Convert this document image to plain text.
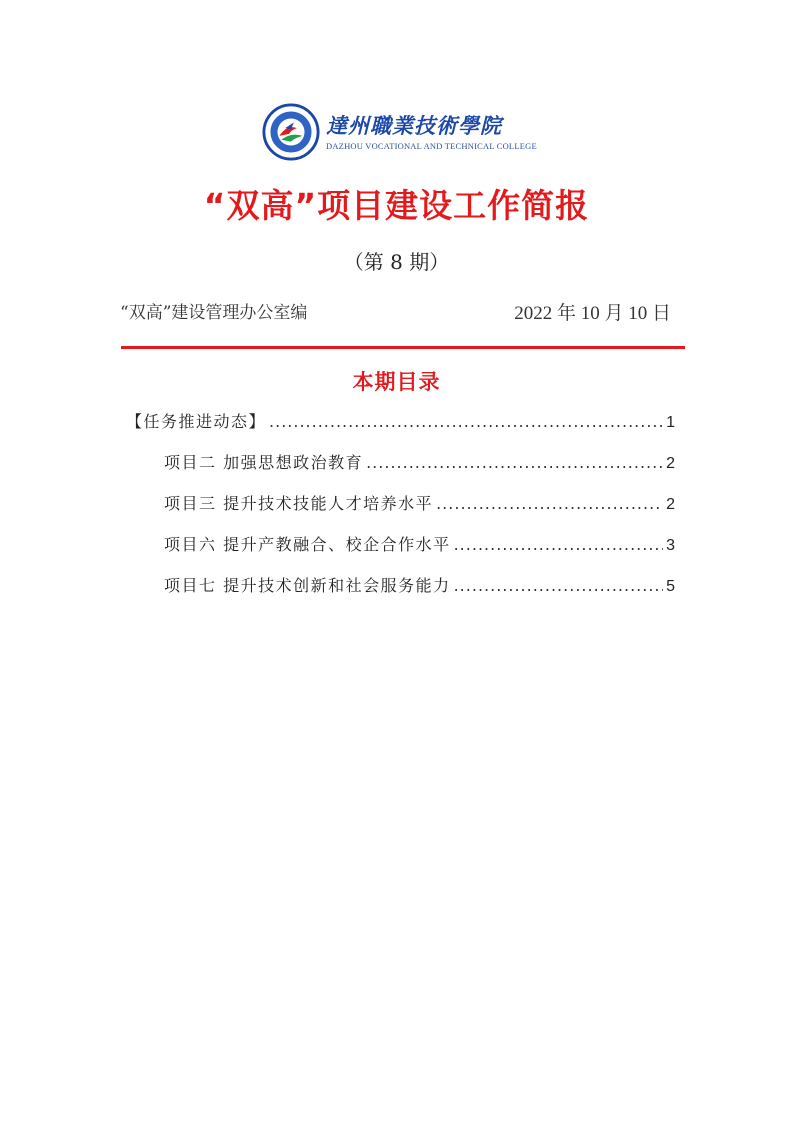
達州職業技術學院
DAZHOU VOCATIONAL AND TECHNICAL COLLEGE
“双高”项目建设工作简报
（第 8 期）
“双高”建设管理办公室编	2022 年 10 月 10 日
本期目录
【任务推进动态】 .....	1
项目二 加强思想政治教育 .....	2
项目三 提升技术技能人才培养水平 .....	2
项目六 提升产教融合、校企合作水平 .....	3
项目七 提升技术创新和社会服务能力 .....	5
